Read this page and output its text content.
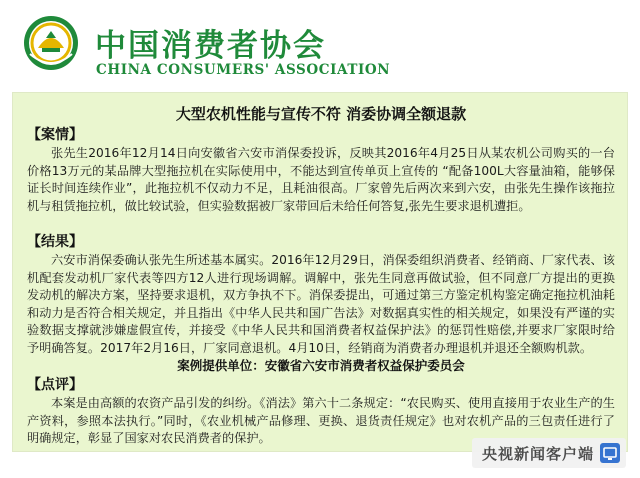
中国消费者协会
CHINA CONSUMERS' ASSOCIATION
大型农机性能与宣传不符 消委协调全额退款
【案情】

张先生2016年12月14日向安徽省六安市消保委投诉，反映其2016年4月25日从某农机公司购买的一台价格13万元的某品牌大型拖拉机在实际使用中，不能达到宣传单页上宣传的 “配备100L大容量油箱，能够保证长时间连续作业”，此拖拉机不仅动力不足，且耗油很高。厂家曾先后两次来到六安，由张先生操作该拖拉机与租赁拖拉机，做比较试验，但实验数据被厂家带回后未给任何答复,张先生要求退机遭拒。

【结果】

六安市消保委确认张先生所述基本属实。2016年12月29日，消保委组织消费者、经销商、厂家代表、该机配套发动机厂家代表等四方12人进行现场调解。调解中，张先生同意再做试验，但不同意厂方提出的更换发动机的解决方案，坚持要求退机，双方争执不下。消保委提出，可通过第三方鉴定机构鉴定确定拖拉机油耗和动力是否符合相关规定，并且指出《中华人民共和国广告法》对数据真实性的相关规定，如果没有严谨的实验数据支撑就涉嫌虚假宣传，并接受《中华人民共和国消费者权益保护法》的惩罚性赔偿,并要求厂家限时给予明确答复。2017年2月16日，厂家同意退机。4月10日，经销商为消费者办理退机并退还全额购机款。

案例提供单位：安徽省六安市消费者权益保护委员会
【点评】

本案是由高额的农资产品引发的纠纷。《消法》第六十二条规定：“农民购买、使用直接用于农业生产的生产资料，参照本法执行。”同时，《农业机械产品修理、更换、退货责任规定》也对农机产品的三包责任进行了明确规定，彰显了国家对农民消费者的保护。

央视新闻客户端
